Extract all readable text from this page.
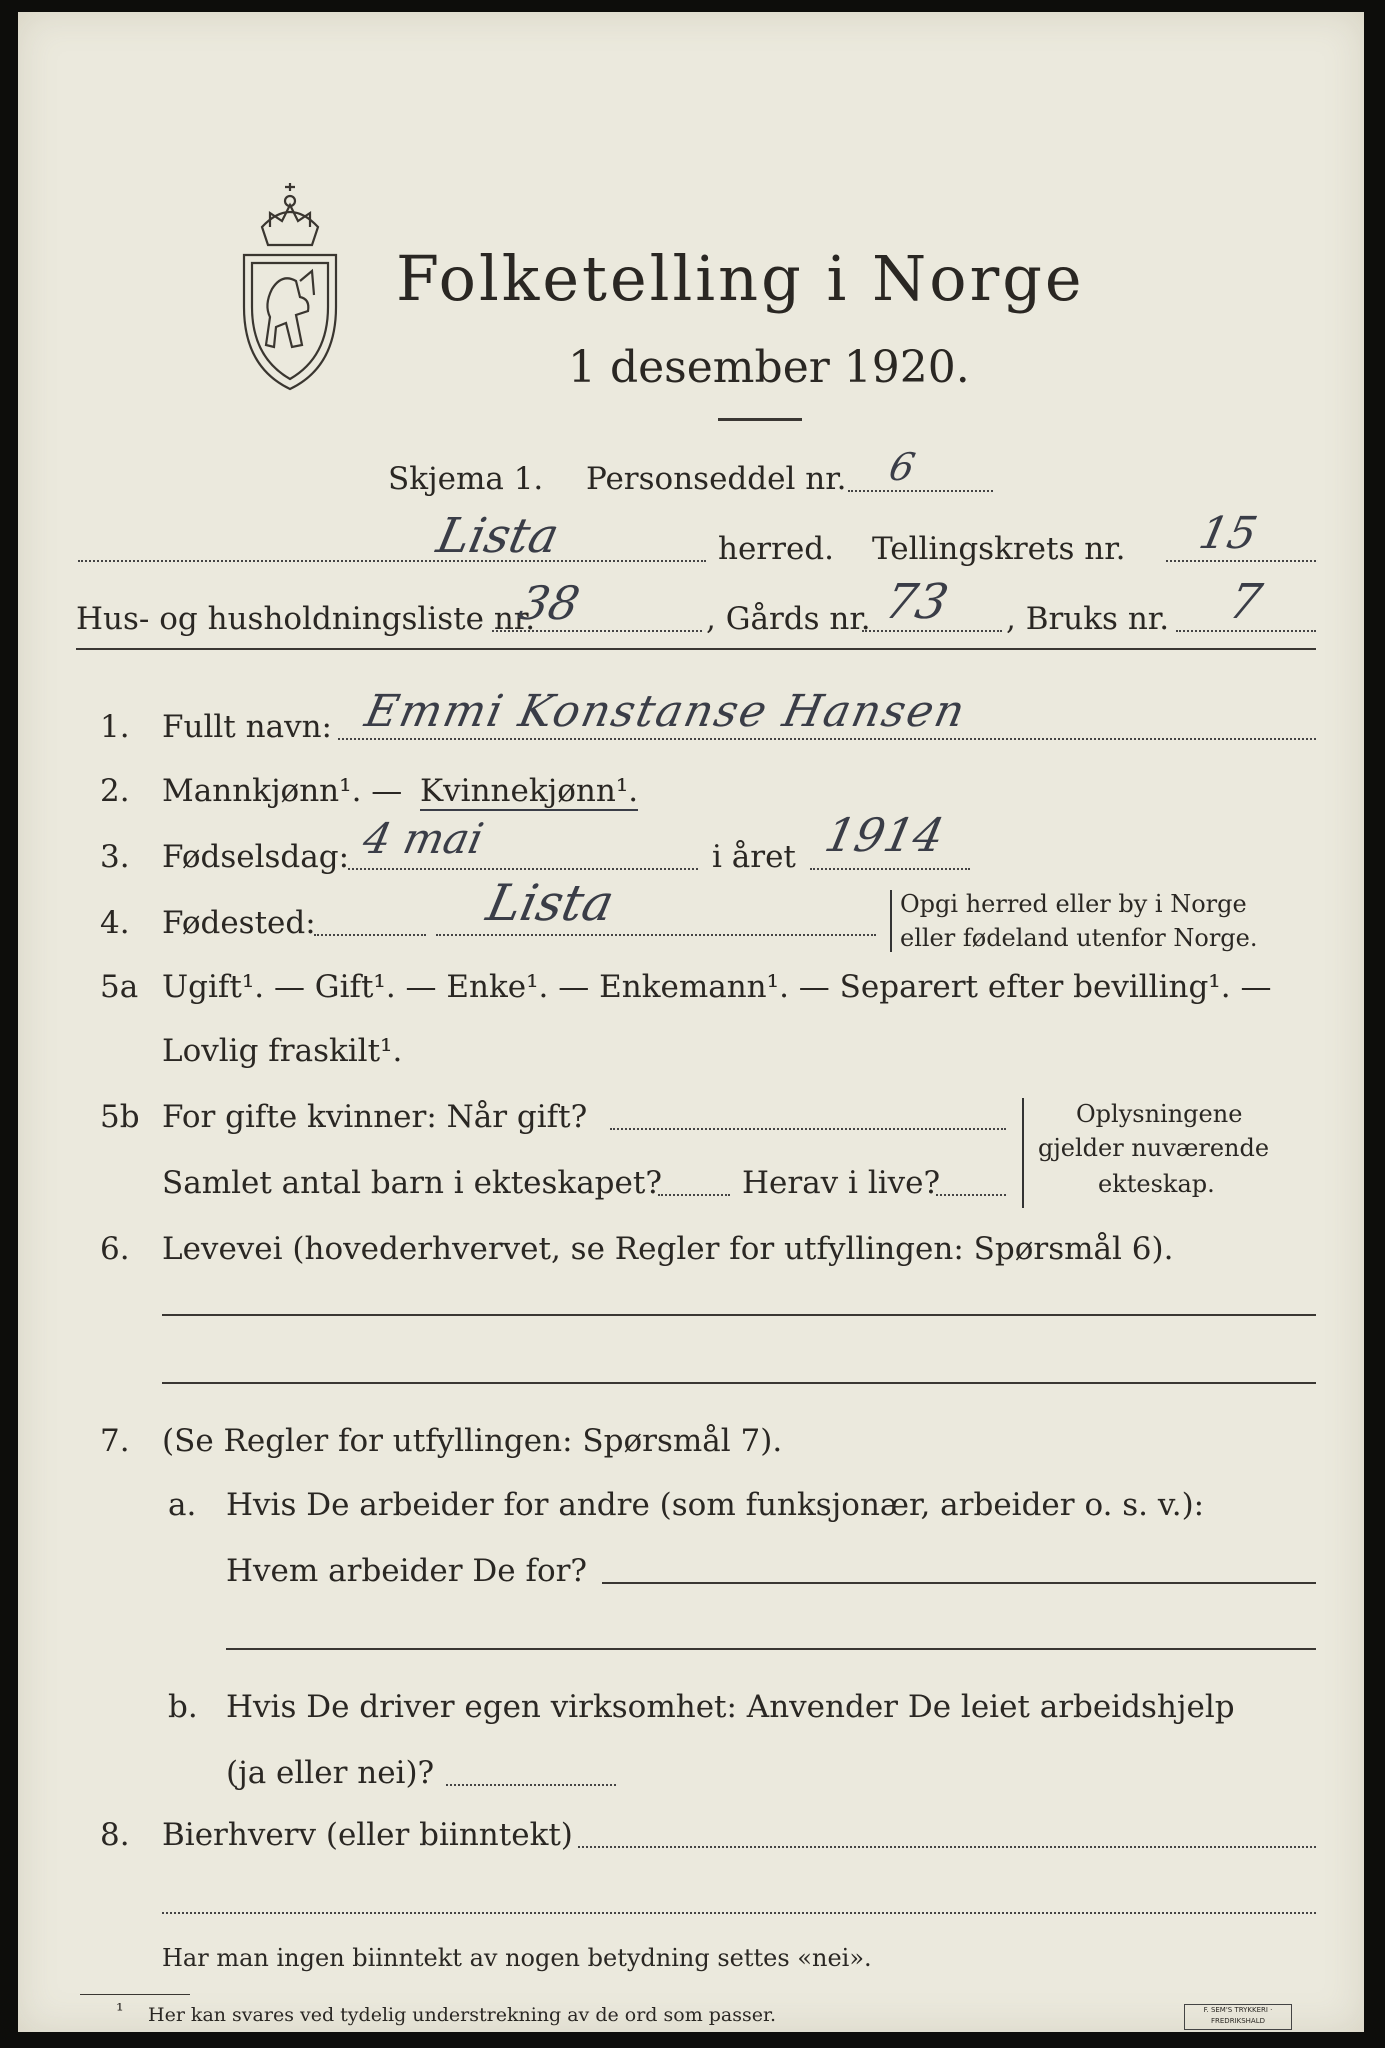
Folketelling i Norge
1 desember 1920.
Skjema 1. Personseddel nr. 6
Lista	herred. Tellingskrets nr. 15
Hus- og husholdningsliste nr.
38	, Gårds nr. 73 , Bruks nr. 7
1. Fullt navn: Emmi Konstanse Hansen
2. Mannkjønn¹. — Kvinnekjønn¹.
3. Fødselsdag: 4 mai	i året 1914
4. Fødested:	Lista	Opgi herred eller by i Norge
eller fødeland utenfor Norge.
5a Ugift¹. — Gift¹. — Enke¹. — Enkemann¹. — Separert efter bevilling¹. —
Lovlig fraskilt¹.
5b For gifte kvinner: Når gift?
Samlet antal barn i ekteskapet?	Herav i live?
Oplysningene
gjelder nuværende
ekteskap.
6. Levevei (hovederhvervet, se Regler for utfyllingen: Spørsmål 6).
7. (Se Regler for utfyllingen: Spørsmål 7).
a. Hvis De arbeider for andre (som funksjonær, arbeider o. s. v.):
Hvem arbeider De for?
b. Hvis De driver egen virksomhet: Anvender De leiet arbeidshjelp
(ja eller nei)?
8. Bierhverv (eller biinntekt)
Har man ingen biinntekt av nogen betydning settes «nei».
¹ Her kan svares ved tydelig understrekning av de ord som passer.	F. SEM'S TRYKKERI · FREDRIKSHALD
